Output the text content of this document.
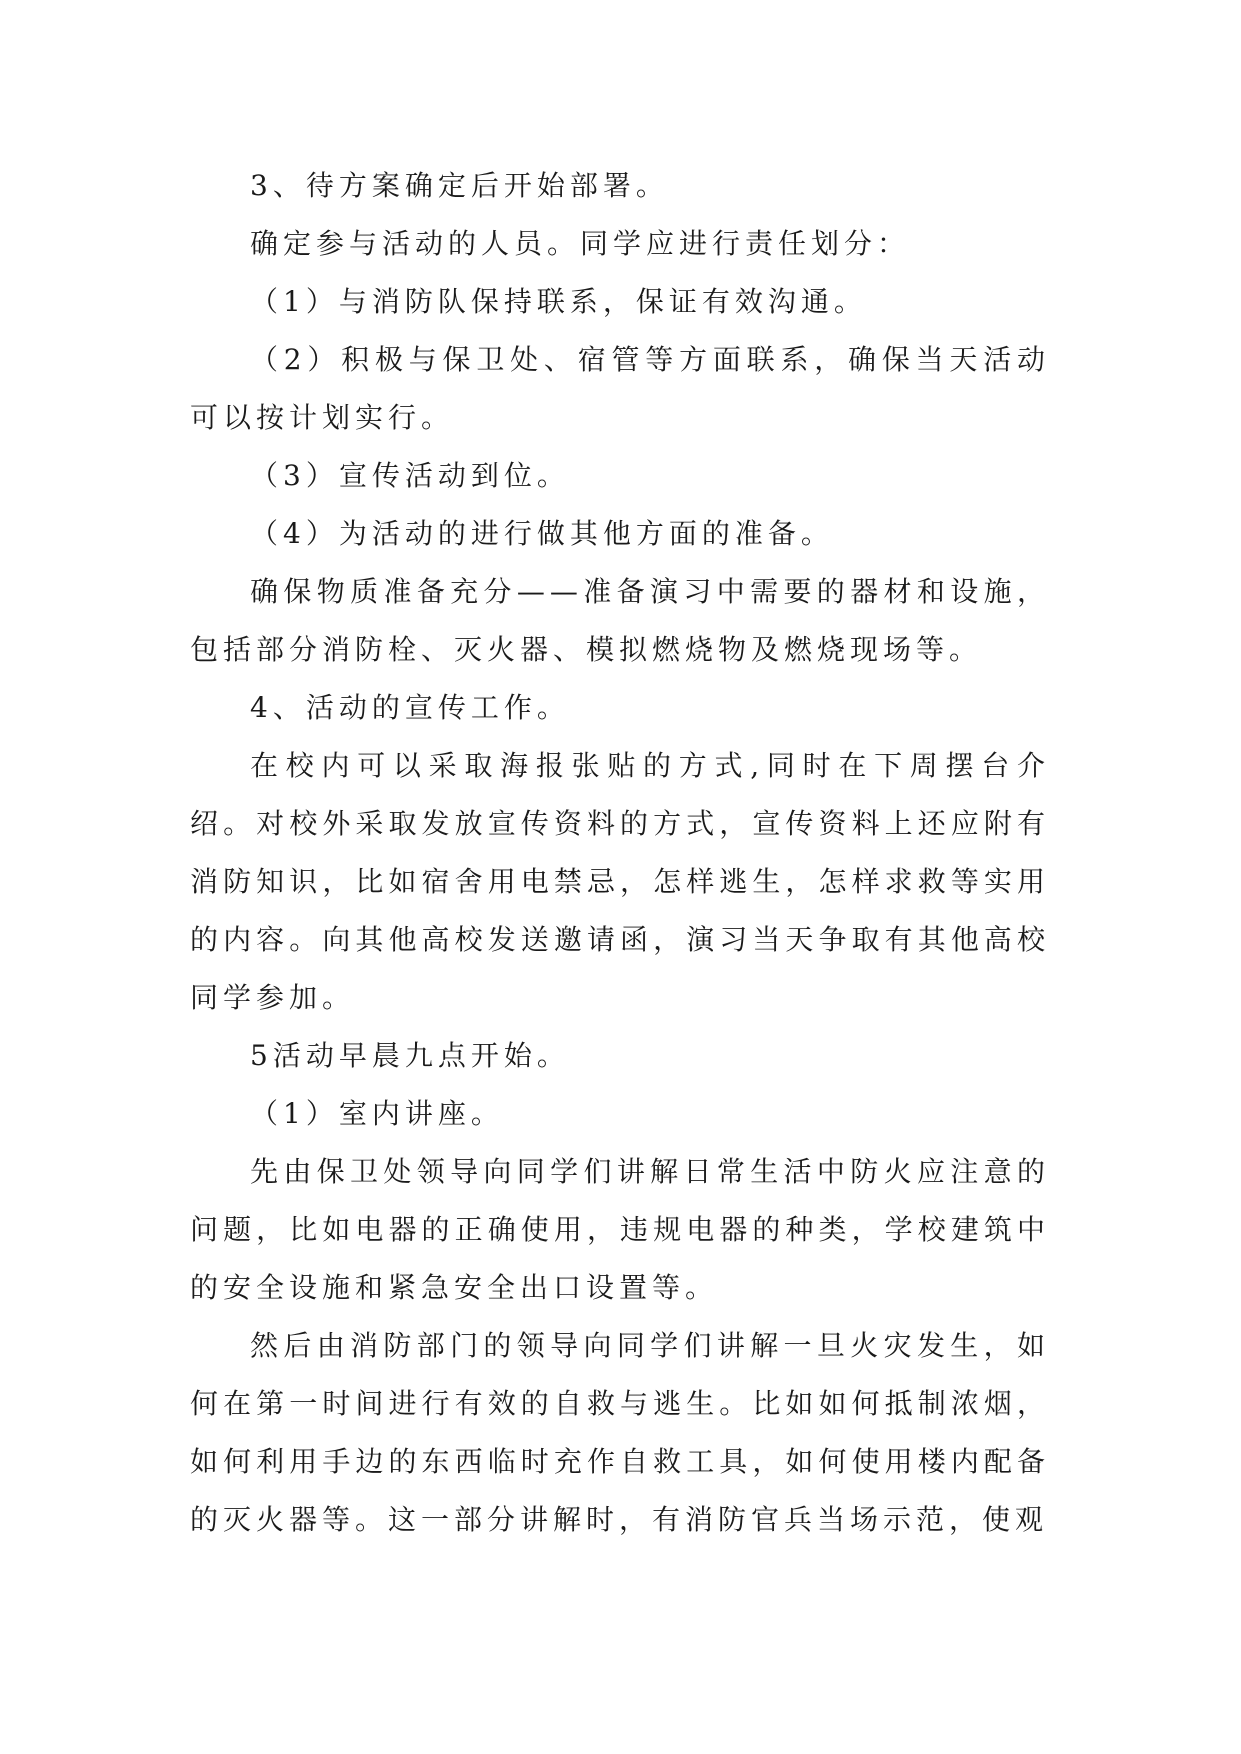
3、待方案确定后开始部署。

确定参与活动的人员。同学应进行责任划分：

（1）与消防队保持联系，保证有效沟通。

（2）积极与保卫处、宿管等方面联系，确保当天活动可以按计划实行。

（3）宣传活动到位。

（4）为活动的进行做其他方面的准备。

确保物质准备充分——准备演习中需要的器材和设施，包括部分消防栓、灭火器、模拟燃烧物及燃烧现场等。

4、活动的宣传工作。

在校内可以采取海报张贴的方式,同时在下周摆台介绍。对校外采取发放宣传资料的方式，宣传资料上还应附有消防知识，比如宿舍用电禁忌，怎样逃生，怎样求救等实用的内容。向其他高校发送邀请函，演习当天争取有其他高校同学参加。

5活动早晨九点开始。

（1）室内讲座。

先由保卫处领导向同学们讲解日常生活中防火应注意的问题，比如电器的正确使用，违规电器的种类，学校建筑中的安全设施和紧急安全出口设置等。

然后由消防部门的领导向同学们讲解一旦火灾发生，如何在第一时间进行有效的自救与逃生。比如如何抵制浓烟，如何利用手边的东西临时充作自救工具，如何使用楼内配备的灭火器等。这一部分讲解时，有消防官兵当场示范，使观
